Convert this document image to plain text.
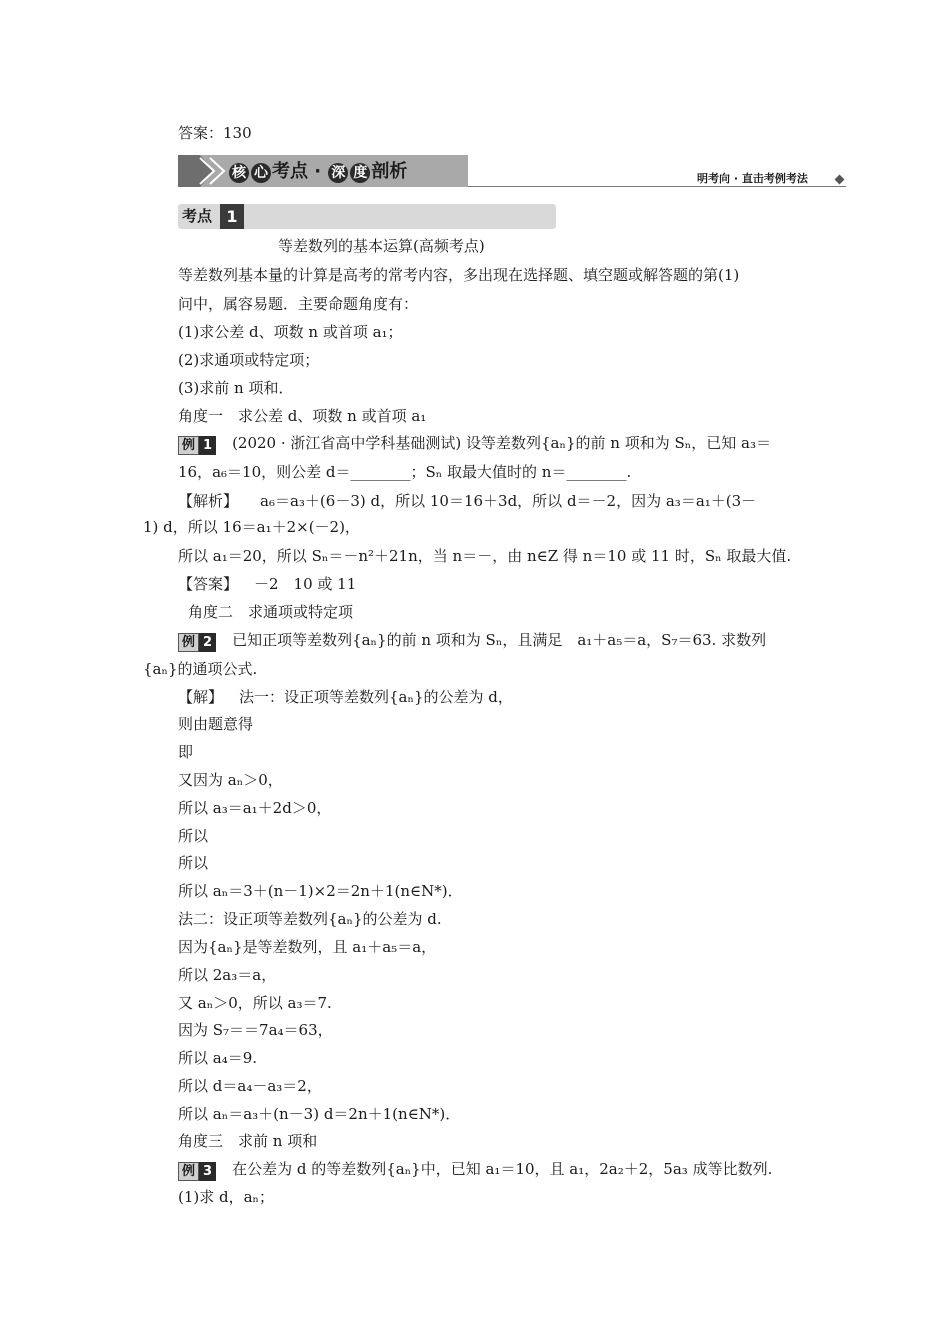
答案：130
核 心 考点 · 深 度 剖析	明考向 · 直击考例考法
考点 1
等差数列的基本运算(高频考点)
等差数列基本量的计算是高考的常考内容，多出现在选择题、填空题或解答题的第(1)
问中，属容易题．主要命题角度有：
(1)求公差 d、项数 n 或首项 a₁；
(2)求通项或特定项；
(3)求前 n 项和．
角度一　求公差 d、项数 n 或首项 a₁
例 1 (2020 · 浙江省高中学科基础测试) 设等差数列{aₙ}的前 n 项和为 Sₙ，已知 a₃＝
16，a₆＝10，则公差 d＝________；Sₙ 取最大值时的 n＝________.
【解析】 a₆＝a₃＋(6－3) d，所以 10＝16＋3d，所以 d＝－2，因为 a₃＝a₁＋(3－
1) d，所以 16＝a₁＋2×(－2)，
所以 a₁＝20，所以 Sₙ＝－n²＋21n，当 n＝－，由 n∈Z 得 n＝10 或 11 时，Sₙ 取最大值.
【答案】 －2　10 或 11
角度二　求通项或特定项
例 2 已知正项等差数列{aₙ}的前 n 项和为 Sₙ，且满足　a₁＋a₅＝a，S₇＝63. 求数列
{aₙ}的通项公式.
【解】 法一：设正项等差数列{aₙ}的公差为 d，
则由题意得
即
又因为 aₙ＞0，
所以 a₃＝a₁＋2d＞0，
所以
所以
所以 aₙ＝3＋(n－1)×2＝2n＋1(n∈N*)．
法二：设正项等差数列{aₙ}的公差为 d.
因为{aₙ}是等差数列，且 a₁＋a₅＝a，
所以 2a₃＝a，
又 aₙ＞0，所以 a₃＝7.
因为 S₇＝＝7a₄＝63，
所以 a₄＝9.
所以 d＝a₄－a₃＝2，
所以 aₙ＝a₃＋(n－3) d＝2n＋1(n∈N*)．
角度三　求前 n 项和
例 3 在公差为 d 的等差数列{aₙ}中，已知 a₁＝10，且 a₁，2a₂＋2，5a₃ 成等比数列.
(1)求 d，aₙ；
